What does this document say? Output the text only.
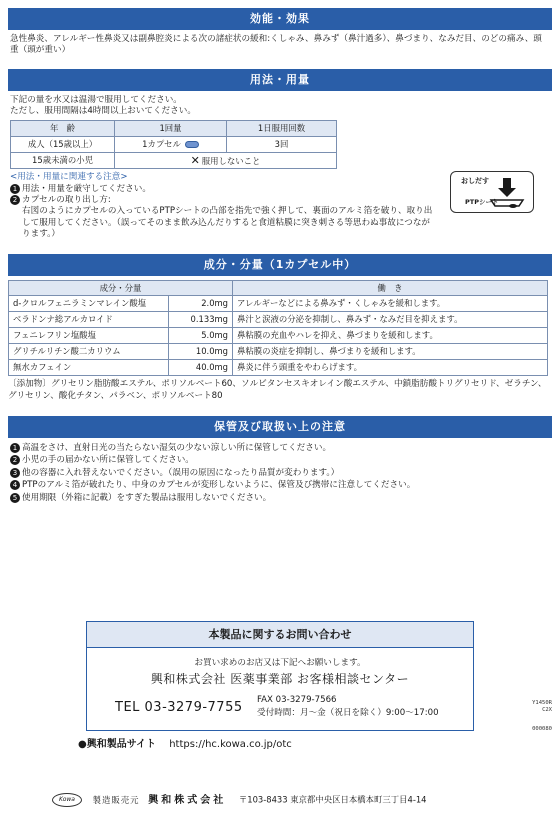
効能・効果
急性鼻炎、アレルギー性鼻炎又は副鼻腔炎による次の諸症状の緩和:くしゃみ、鼻みず（鼻汁過多）、鼻づまり、なみだ目、のどの痛み、頭重（頭が重い）
用法・用量
下記の量を水又は温湯で服用してください。
ただし、服用間隔は4時間以上おいてください。
年　齢	1回量	1日服用回数
成人（15歳以上）	1カプセル	3回
15歳未満の小児	✕ 服用しないこと	
<用法・用量に関連する注意>
1 用法・用量を厳守してください。
2 カプセルの取り出し方:
右図のようにカプセルの入っているPTPシートの凸部を指先で強く押して、裏面のアルミ箔を破り、取り出して服用してください。（誤ってそのまま飲み込んだりすると食道粘膜に突き刺さる等思わぬ事故につながります。）
おしだす
PTPシート
成分・分量（1カプセル中）
成分・分量		働　き
d-クロルフェニラミンマレイン酸塩	2.0mg	アレルギーなどによる鼻みず・くしゃみを緩和します。
ベラドンナ総アルカロイド	0.133mg	鼻汁と涙液の分泌を抑制し、鼻みず・なみだ目を抑えます。
フェニレフリン塩酸塩	5.0mg	鼻粘膜の充血やハレを抑え、鼻づまりを緩和します。
グリチルリチン酸二カリウム	10.0mg	鼻粘膜の炎症を抑制し、鼻づまりを緩和します。
無水カフェイン	40.0mg	鼻炎に伴う頭重をやわらげます。
〔添加物〕グリセリン脂肪酸エステル、ポリソルベート60、ソルビタンセスキオレイン酸エステル、中鎖脂肪酸トリグリセリド、ゼラチン、グリセリン、酸化チタン、パラベン、ポリソルベート80
保管及び取扱い上の注意
1 高温をさけ、直射日光の当たらない湿気の少ない涼しい所に保管してください。
2 小児の手の届かない所に保管してください。
3 他の容器に入れ替えないでください。（誤用の原因になったり品質が変わります。）
4 PTPのアルミ箔が破れたり、中身のカプセルが変形しないように、保管及び携帯に注意してください。
5 使用期限（外箱に記載）をすぎた製品は服用しないでください。
本製品に関するお問い合わせ
お買い求めのお店又は下記へお願いします。
興和株式会社 医薬事業部 お客様相談センター
TEL 03-3279-7755 FAX 03-3279-7566
受付時間：月～金（祝日を除く）9:00～17:00
Y1450R
C2X
000080
●興和製品サイト https://hc.kowa.co.jp/otc
Kowa 製造販売元 興和株式会社 〒103-8433 東京都中央区日本橋本町三丁目4-14
